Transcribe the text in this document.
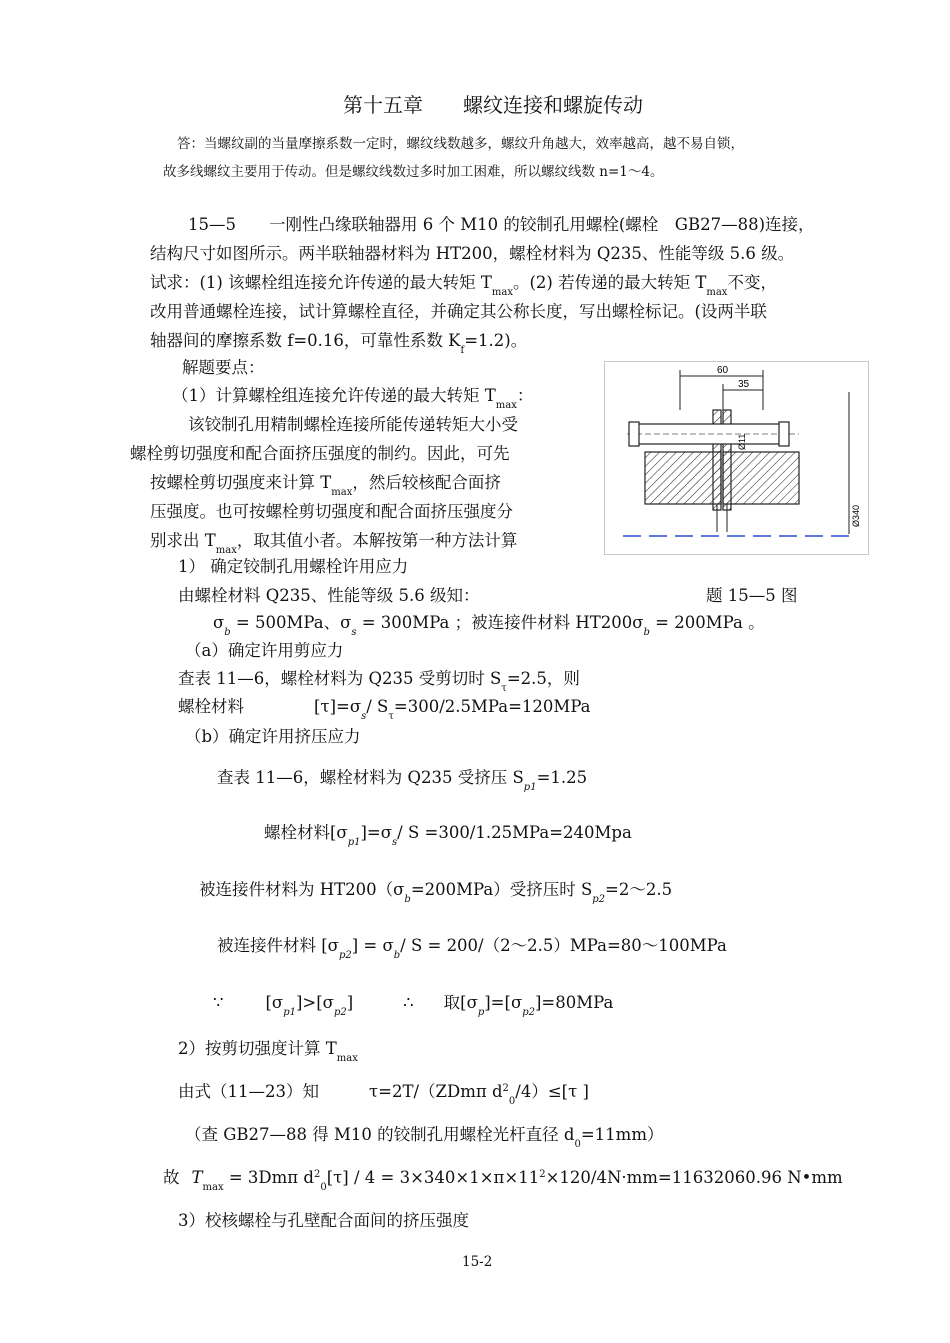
第十五章　　螺纹连接和螺旋传动
答：当螺纹副的当量摩擦系数一定时，螺纹线数越多，螺纹升角越大，效率越高，越不易自锁，
故多线螺纹主要用于传动。但是螺纹线数过多时加工困难，所以螺纹线数 n=1～4。
15—5　　一刚性凸缘联轴器用 6 个 M10 的铰制孔用螺栓(螺栓　GB27—88)连接，
结构尺寸如图所示。两半联轴器材料为 HT200，螺栓材料为 Q235、性能等级 5.6 级。
试求：(1) 该螺栓组连接允许传递的最大转矩 $T_{max}$。(2) 若传递的最大转矩 $T_{max}$不变，
改用普通螺栓连接，试计算螺栓直径，并确定其公称长度，写出螺栓标记。(设两半联
轴器间的摩擦系数 f=0.16，可靠性系数 $K_f=1.2$)。
解题要点：
（1）计算螺栓组连接允许传递的最大转矩 $T_{max}$：
该铰制孔用精制螺栓连接所能传递转矩大小受
螺栓剪切强度和配合面挤压强度的制约。因此，可先
按螺栓剪切强度来计算 $T_{max}$，然后较核配合面挤
压强度。也可按螺栓剪切强度和配合面挤压强度分
别求出 $T_{max}$，取其值小者。本解按第一种方法计算
60
35
Ø340
Ø11
1） 确定铰制孔用螺栓许用应力
由螺栓材料 Q235、性能等级 5.6 级知：	题 15—5 图
$\sigma_b = 500MPa$、$\sigma_s = 300MPa$ ；被连接件材料 $HT200\sigma_b = 200MPa$ 。
（a）确定许用剪应力
查表 11—6，螺栓材料为 Q235 受剪切时 $S_\tau=2.5$，则
螺栓材料	$[\tau]=\sigma_s/$ $S_\tau=300/2.5MPa=120MPa$
（b）确定许用挤压应力
查表 11—6，螺栓材料为 Q235 受挤压 $S_{p1}=1.25$
螺栓材料$[\sigma_{p1}]=\sigma_s/$ S =300/1.25MPa=240Mpa
被连接件材料为 $HT200(\sigma_b=200MPa)$受挤压时 $S_{p2}=2\sim 2.5$
被连接件材料 $[\sigma_{p2}] = \sigma_b/$ S = 200/（2～2.5）MPa=80～100MPa
∵	$[\sigma_{p1}]>[\sigma_{p2}]$	∴ 取$[\sigma_p]=[\sigma_{p2}]=80MPa$
2）按剪切强度计算 $T_{max}$
由式（11—23）知	τ=2T/（ZDmπ $d^2_0/4)\le[\tau$ ]
（查 GB27—88 得 M10 的铰制孔用螺栓光杆直径 $d_0=11mm$）
故 $T_{max} = 3Dm\pi$ $d^2_0[\tau] / 4 = 3\times 340\times 1\times\pi\times 11^2\times 120/4N\cdot mm=11632060.96$ N•mm
3）校核螺栓与孔壁配合面间的挤压强度
15-2
